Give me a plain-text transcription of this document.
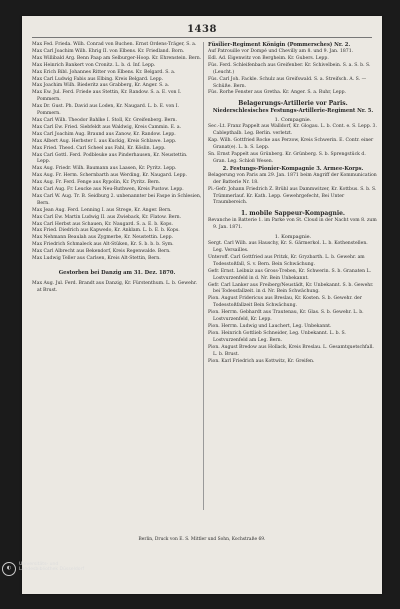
1438
Max Fed. Frieda. Wilh. Conrad von Buchen. Ernst Ordens-Träger, S. a.
Max Carl Joachim Wilh. Ehrig II. von Elbens. Kr. Friedland. Born.
Max Willibald Arg. Benn Paap am Selburger-Hoop. Kr. Ehrenstein. Bern.
Max Heinrich Bankert von Cronitz. L. b. d. Inf. Lepp.
Max Erich Bibl. Johannes Ritter von Elbens. Kr. Belgard. S. a.
Max Carl Ludwig Fabis aus Elbing. Kreis Belgard. Lepp.
Max Joachim Wilh. Biederitz aus Grabberg, Kr. Anger. S. a.
Max Ew. Jul. Ferd. Friede aus Stettin, Kr. Randow. S. a. E. von I. Pommern.
Max Dr. Gust. Ph. David aus Loden, Kr. Naugard. L. b. E. von I. Pommern.
Max Carl Wilh. Theodor Bahlke I. Stoll, Kr. Greifenberg. Bern.
Max Carl Ew. Fried. Siebfeldt aus Waldwig, Kreis Cammin. E. a.
Max Carl Joachim Aug. Braund aus Zanow, Kr. Randow. Lepp.
Max Albert Aug. Herbster I. aus Kuckig, Kreis Schlawe. Lepp.
Max Fried. Theod. Carl Scheel aus Fahl, Kr. Köslin. Lepp.
Max Carl Gottl. Ferd. Podbleuke aus Pinderhausen, Kr. Neustettin. Lepp.
Max Aug. Friedr. Wilh. Baumann aus Laasen, Kr. Pyritz. Lepp.
Max Aug. Fr. Herm. Schernbarth aus Werding, Kr. Naugard. Lepp.
Max Aug. Fr. Ferd. Fenge aus Rypolin, Kr. Pyritz. Bern.
Max Carl Aug. Fr. Leucke aus Neu-Ruthwen, Kreis Pustow. Lepp.
Max Carl W. Aug. Tr. B. Seidburg 2. unbenannter bei Faspe in Schlesien, Bern.
Max Jean Aug. Ferd. Lenning I. aus Strege, Kr. Anger. Bern.
Max Carl Ew. Martin Ludwig II. aus Zwieback, Kr. Flatow. Bern.
Max Carl Herbst aus Schauen, Kr. Naugard. S. a. E. b. Kops.
Max Fried. Diedrich aus Kapwedo, Kr. Anklam. L. b. E. b. Kops.
Max Nehmann Beaulah aus Zygmerbe, Kr. Neustettin. Lepp.
Max Friedrich Schmaleck aus Alt-Stüken, Kr. S. b. b. b. Sym.
Max Carl Albrecht aus Bekendorf, Kreis Regenwalde. Bern.
Max Ludwig Teller aus Carlsen, Kreis Alt-Stettin, Bern.
Gestorben bei Danzig am 31. Dez. 1870.
Max Aug. Jul. Ferd. Brandt aus Danzig, Kr. Fürstenthum. L. b. Gewehr. at Brust.
Füsilier-Regiment Königin (Pommersches) Nr. 2.
Auf Patrouille vor Dompé und Chevilly am 8. und 9. Jan. 1871.
Edl. Ad. Eigenwitz von Bergheim. Kr. Gubers. Lepp.
Füs. Ferd. Schleifenbach aus Greifenber. Kr. Schivelbein. S. a. S. b. S. (Leucht.)
Füs. Carl Joh. Fackle. Schulz aus Greifswald. S. a. Streifsch. A. S. — Schüße. Bern.
Füs. Rorhe Fenster aus Gretha. Kr. Anger. S. a. Ruhr, Lepp.
Belagerungs-Artillerie vor Paris.
Niederschlesisches Festungs-Artillerie-Regiment Nr. 5.
1. Compagnie.
Sec.-Lt. Franz Pappelt aus Walldorf, Kr. Glogau. L. b. Cont. e. S. Lepp. 3. Cablepthalb. Leg. Berlin. verletzt.
Kap. Wilh. Gottfried Rocke aus Perzow, Kreis Schwerin. E. Contr. einer Granat(e). L. b. S. Lepp.
Sn. Ernst Pappelt aus Grünberg. Kr. Grünberg. S. b. Sprengstück d. Gran. Leg. Schloß Wesen.
2. Festungs-Pionier-Kompagnie 3. Armee-Korps.
Belagerung von Paris am 29. Jan. 1871 beim Angriff der Kommunication der Batterie Nr. 18.
Pi.-Gefr. Johann Friedrich Z. Brühl aus Dammwitzer, Kr. Kottbus. S. b. S. Trümmerlauf. Kr. Kath. Lepp. Gewehrgefecht, Bei Unter Traumbereich.
1. mobile Sappeur-Kompagnie.
Revanche in Batterie 1. im Parke von St. Cloud in der Nacht vom 8. zum 9. Jan. 1871.
1. Kompagnie.
Sergt. Carl Wilh. aus Hauschy, Kr. S. Gärmerkol. L. b. Kothenstellen. Leg. Versailles.
Unteroff. Carl Gottfried aus Pritzk, Kr. Gryzbarth. L. b. Gewehr. am Todesstoßfall, S. v. Bern. Bein Schwächung.
Gefr. Ernst. Leibniz aus Gross-Treben, Kr. Schwerin. S. b. Granaten L. Lostvurzenfeld in d. Nr. Bein Unbekannt.
Gefr. Carl Lanker aus Freiberg/Neustädt, Kr. Unbekannt. S. b. Gewehr. bei Todessfallzeit. in d. Nr. Bein Schwächung.
Pion. August Fridericus aus Breslau, Kr. Kosten. S. b. Gewehr. der Todesstoßfallzeit Bein Schwächung.
Pion. Herrm. Gebhardt aus Trautenau, Kr. Glas. S. b. Gewehr. L. b. Lostvurzenfeld, Kr. Lepp.
Pion. Herrm. Ludwig und Lauchert, Leg. Unbekannt.
Pion. Heinrich Gottlieb Schneider, Leg. Unbekannt. L. b. S. Lostvurzenfeld am Leg. Bern.
Pion. August Bredow aus Hollack, Kreis Breslau. L. Gesamtquetschfall. L. b. Brust.
Pion. Karl Friedrich aus Kottwitz, Kr. Greifen.
Berlin, Druck von E. S. Mittler und Sohn, Kochstraße 69.
◐
Universitäts- und
Landesbibliothek Düsseldorf
